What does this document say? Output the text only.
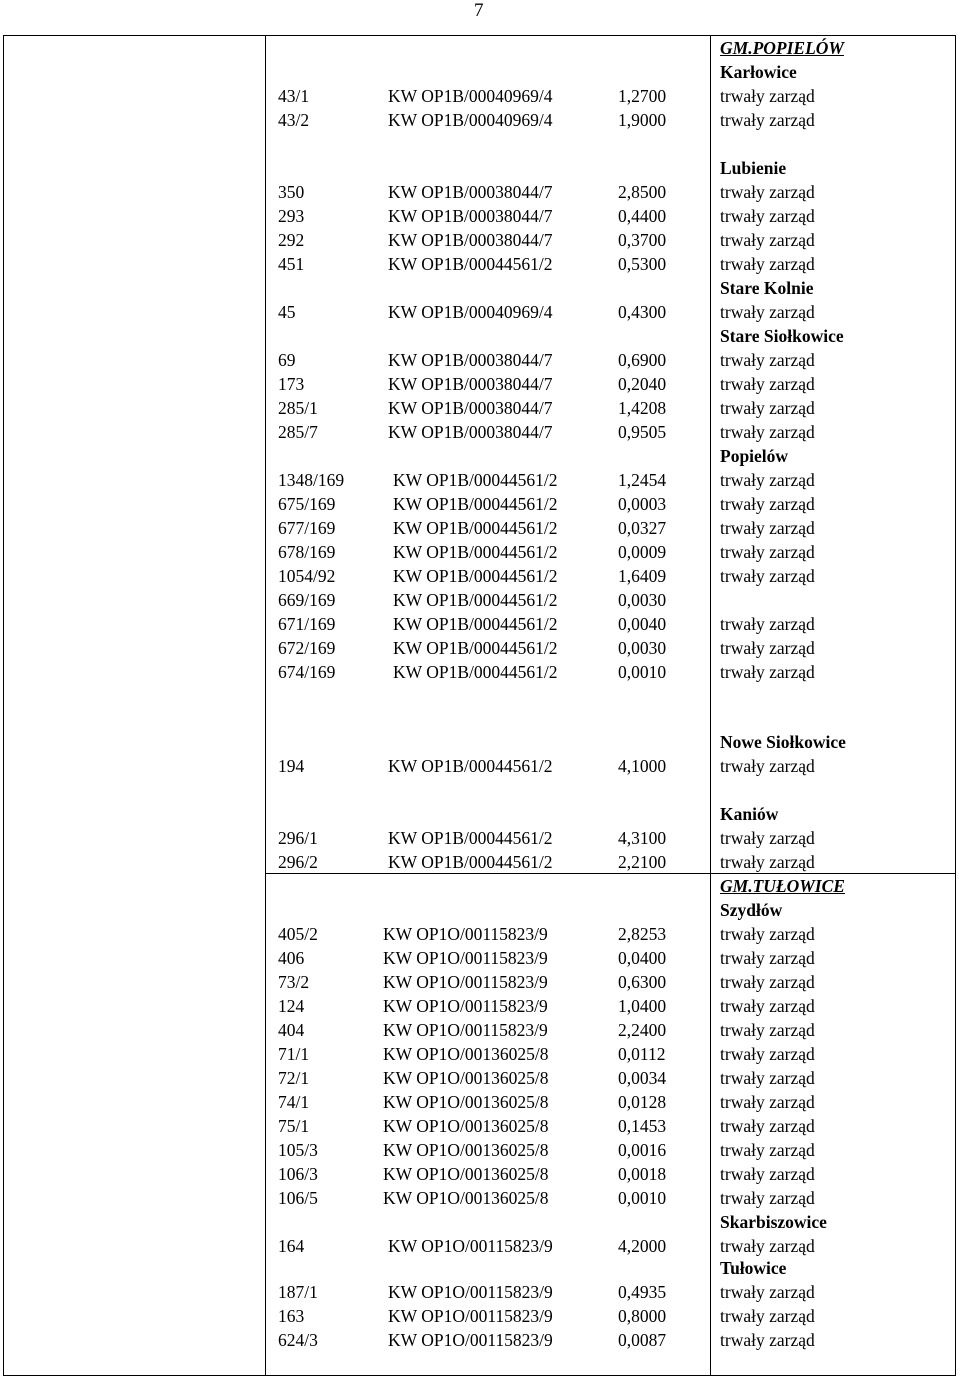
7
GM.POPIELÓW
Karłowice
43/1	KW OP1B/00040969/4	1,2700	trwały zarząd
43/2	KW OP1B/00040969/4	1,9000	trwały zarząd
Lubienie
350	KW OP1B/00038044/7	2,8500	trwały zarząd
293	KW OP1B/00038044/7	0,4400	trwały zarząd
292	KW OP1B/00038044/7	0,3700	trwały zarząd
451	KW OP1B/00044561/2	0,5300	trwały zarząd
Stare Kolnie
45	KW OP1B/00040969/4	0,4300	trwały zarząd
Stare Siołkowice
69	KW OP1B/00038044/7	0,6900	trwały zarząd
173	KW OP1B/00038044/7	0,2040	trwały zarząd
285/1	KW OP1B/00038044/7	1,4208	trwały zarząd
285/7	KW OP1B/00038044/7	0,9505	trwały zarząd
Popielów
1348/169	KW OP1B/00044561/2	1,2454	trwały zarząd
675/169	KW OP1B/00044561/2	0,0003	trwały zarząd
677/169	KW OP1B/00044561/2	0,0327	trwały zarząd
678/169	KW OP1B/00044561/2	0,0009	trwały zarząd
1054/92	KW OP1B/00044561/2	1,6409	trwały zarząd
669/169	KW OP1B/00044561/2	0,0030
671/169	KW OP1B/00044561/2	0,0040	trwały zarząd
672/169	KW OP1B/00044561/2	0,0030	trwały zarząd
674/169	KW OP1B/00044561/2	0,0010	trwały zarząd
Nowe Siołkowice
194	KW OP1B/00044561/2	4,1000	trwały zarząd
Kaniów
296/1	KW OP1B/00044561/2	4,3100	trwały zarząd
296/2	KW OP1B/00044561/2	2,2100	trwały zarząd
GM.TUŁOWICE
Szydłów
405/2	KW OP1O/00115823/9	2,8253	trwały zarząd
406	KW OP1O/00115823/9	0,0400	trwały zarząd
73/2	KW OP1O/00115823/9	0,6300	trwały zarząd
124	KW OP1O/00115823/9	1,0400	trwały zarząd
404	KW OP1O/00115823/9	2,2400	trwały zarząd
71/1	KW OP1O/00136025/8	0,0112	trwały zarząd
72/1	KW OP1O/00136025/8	0,0034	trwały zarząd
74/1	KW OP1O/00136025/8	0,0128	trwały zarząd
75/1	KW OP1O/00136025/8	0,1453	trwały zarząd
105/3	KW OP1O/00136025/8	0,0016	trwały zarząd
106/3	KW OP1O/00136025/8	0,0018	trwały zarząd
106/5	KW OP1O/00136025/8	0,0010	trwały zarząd
Skarbiszowice
164	KW OP1O/00115823/9	4,2000	trwały zarząd
Tułowice
187/1	KW OP1O/00115823/9	0,4935	trwały zarząd
163	KW OP1O/00115823/9	0,8000	trwały zarząd
624/3	KW OP1O/00115823/9	0,0087	trwały zarząd
